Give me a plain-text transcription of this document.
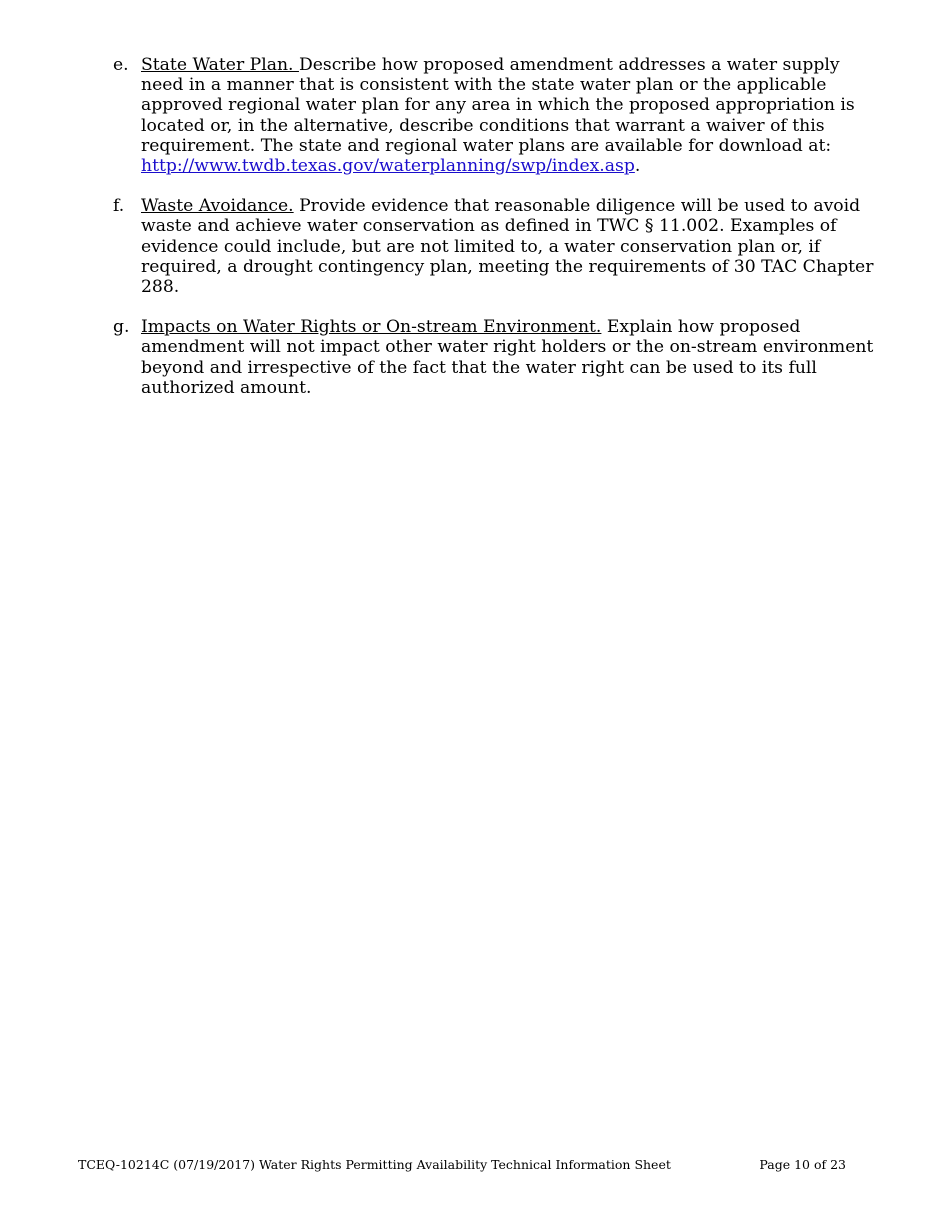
e. State Water Plan. Describe how proposed amendment addresses a water supply need in a manner that is consistent with the state water plan or the applicable approved regional water plan for any area in which the proposed appropriation is located or, in the alternative, describe conditions that warrant a waiver of this requirement. The state and regional water plans are available for download at:
http://www.twdb.texas.gov/waterplanning/swp/index.asp.
f. Waste Avoidance. Provide evidence that reasonable diligence will be used to avoid waste and achieve water conservation as defined in TWC § 11.002. Examples of evidence could include, but are not limited to, a water conservation plan or, if required, a drought contingency plan, meeting the requirements of 30 TAC Chapter 288.
g. Impacts on Water Rights or On-stream Environment. Explain how proposed amendment will not impact other water right holders or the on-stream environment beyond and irrespective of the fact that the water right can be used to its full authorized amount.
TCEQ-10214C (07/19/2017) Water Rights Permitting Availability Technical Information Sheet	Page 10 of 23
